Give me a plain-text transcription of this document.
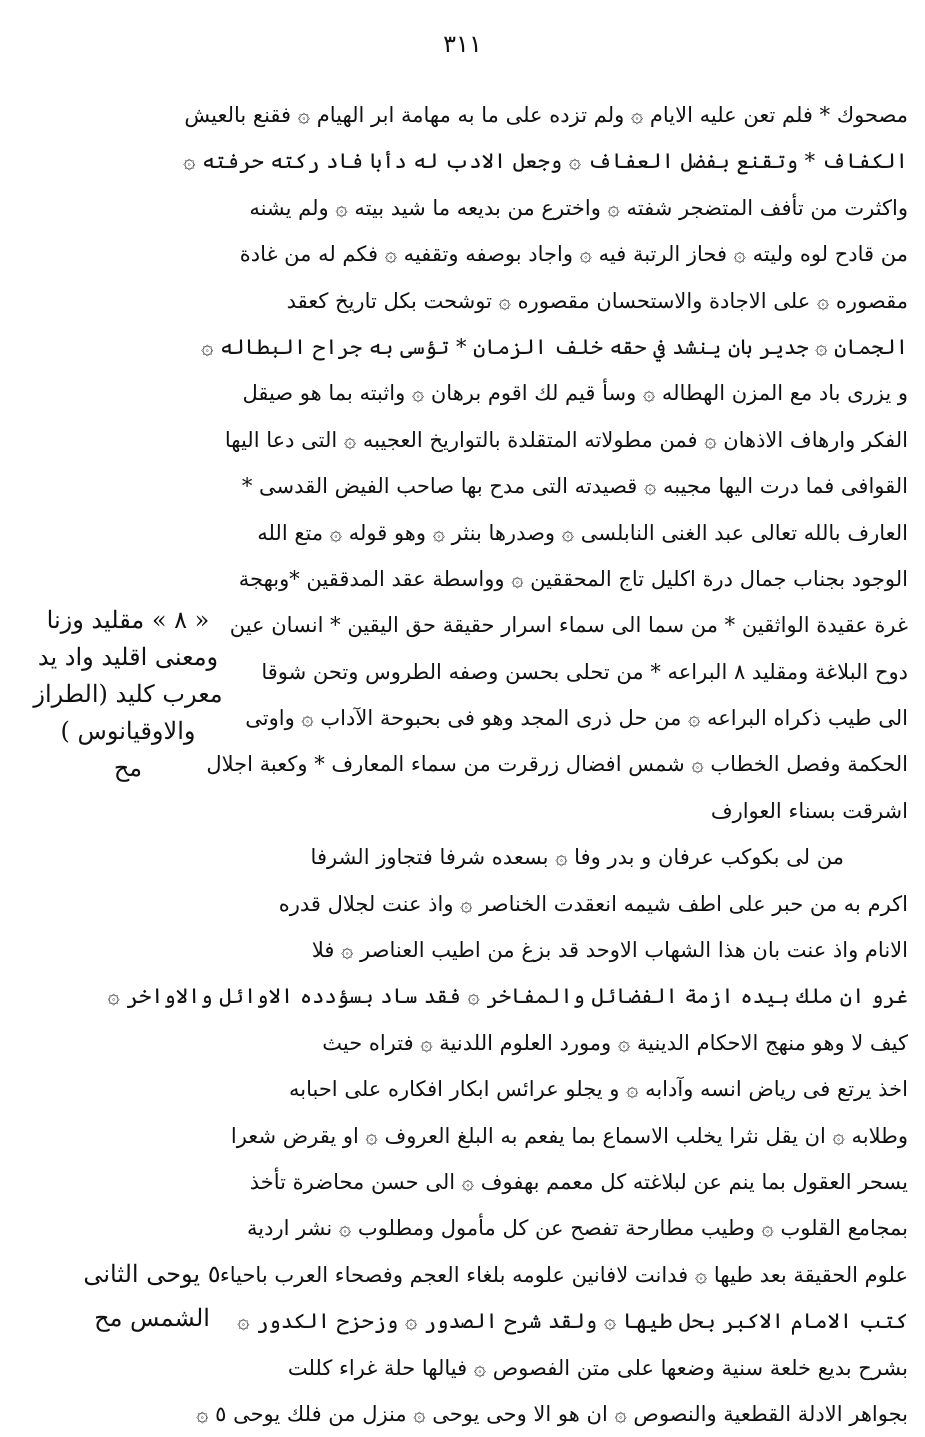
٣١١
مصحوك * فلم تعن عليه الايام ۞ ولم تزده على ما به مهامة ابر الهيام ۞ فقنع بالعيش
الكفاف * وتقنع بفضل العفاف ۞ وجعل الادب له دأبا فاد ركته حرفته ۞
واكثرت من تأفف المتضجر شفته ۞ واخترع من بديعه ما شيد بيته ۞ ولم يشنه
من قادح لوه وليته ۞ فحاز الرتبة فيه ۞ واجاد بوصفه وتقفيه ۞ فكم له من غادة
مقصوره ۞ على الاجادة والاستحسان مقصوره ۞ توشحت بكل تاريخ كعقد
الجمان ۞ جدير بان ينشد في حقه خلف الزمان * تؤسى به جراح البطاله ۞
و يزرى باد مع المزن الهطاله ۞ وسأ قيم لك اقوم برهان ۞ واثبته بما هو صيقل
الفكر وارهاف الاذهان ۞ فمن مطولاته المتقلدة بالتواريخ العجيبه ۞ التى دعا اليها
القوافى فما درت اليها مجيبه ۞ قصيدته التى مدح بها صاحب الفيض القدسى *
العارف بالله تعالى عبد الغنى النابلسى ۞ وصدرها بنثر ۞ وهو قوله ۞ متع الله
الوجود بجناب جمال درة اكليل تاج المحققين ۞ وواسطة عقد المدققين *وبهجة
غرة عقيدة الواثقين * من سما الى سماء اسرار حقيقة حق اليقين * انسان عين
دوح البلاغة ومقليد ٨ البراعه * من تحلى بحسن وصفه الطروس وتحن شوقا
الى طيب ذكراه البراعه ۞ من حل ذرى المجد وهو فى بحبوحة الآداب ۞ واوتى
الحكمة وفصل الخطاب ۞ شمس افضال زرقرت من سماء المعارف * وكعبة اجلال
اشرقت بسناء العوارف
من لى بكوكب عرفان و بدر وفا ۞ بسعده شرفا فتجاوز الشرفا
اكرم به من حبر على اطف شيمه انعقدت الخناصر ۞ واذ عنت لجلال قدره
الانام واذ عنت بان هذا الشهاب الاوحد قد بزغ من اطيب العناصر ۞ فلا
غرو ان ملك بيده ازمة الفضائل والمفاخر ۞ فقد ساد بسؤدده الاوائل والاواخر ۞
كيف لا وهو منهج الاحكام الدينية ۞ ومورد العلوم اللدنية ۞ فتراه حيث
اخذ يرتع فى رياض انسه وآدابه ۞ و يجلو عرائس ابكار افكاره على احبابه
وطلابه ۞ ان يقل نثرا يخلب الاسماع بما يفعم به البلغ العروف ۞ او يقرض شعرا
يسحر العقول بما ينم عن لبلاغته كل معمم بهفوف ۞ الى حسن محاضرة تأخذ
بمجامع القلوب ۞ وطيب مطارحة تفصح عن كل مأمول ومطلوب ۞ نشر اردية
علوم الحقيقة بعد طيها ۞ فدانت لافانين علومه بلغاء العجم وفصحاء العرب باحياء
كتب الامام الاكبر بحل طيها ۞ ولقد شرح الصدور ۞ وزحزح الكدور ۞
بشرح بديع خلعة سنية وضعها على متن الفصوص ۞ فيالها حلة غراء كللت
بجواهر الادلة القطعية والنصوص ۞ ان هو الا وحى يوحى ۞ منزل من فلك يوحى ٥ ۞
« ٨ » مقليد وزنا
ومعنى اقليد واد يد
معرب كليد (الطراز
والاوقيانوس )
مح
٥ يوحى الثانى
الشمس مح
